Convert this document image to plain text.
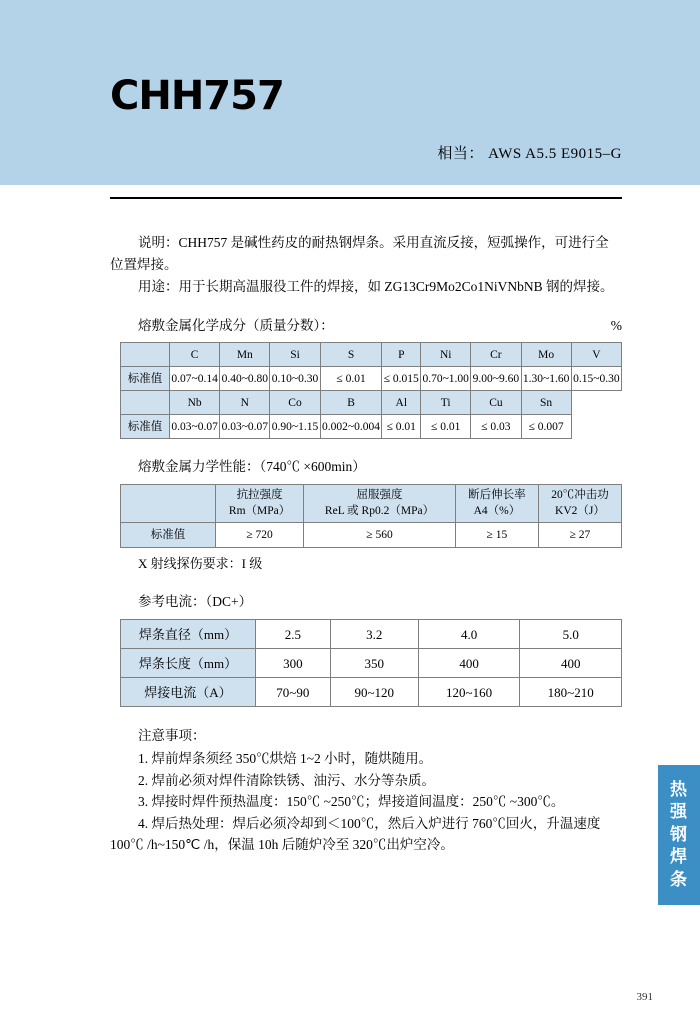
CHH757
相当： AWS A5.5 E9015–G

说明：CHH757 是碱性药皮的耐热钢焊条。采用直流反接，短弧操作，可进行全位置焊接。

用途：用于长期高温服役工件的焊接，如 ZG13Cr9Mo2Co1NiVNbNB 钢的焊接。

熔敷金属化学成分（质量分数）：	%
	C	Mn	Si	S	P	Ni	Cr	Mo	V
标准值	0.07~0.14	0.40~0.80	0.10~0.30	≤ 0.01	≤ 0.015	0.70~1.00	9.00~9.60	1.30~1.60	0.15~0.30
	Nb	N	Co	B	Al	Ti	Cu	Sn	
标准值	0.03~0.07	0.03~0.07	0.90~1.15	0.002~0.004	≤ 0.01	≤ 0.01	≤ 0.03	≤ 0.007	
熔敷金属力学性能：（740℃ ×600min）

抗拉强度
Rm（MPa）

屈服强度
ReL 或 Rp0.2（MPa）

断后伸长率
A4（%）

20℃冲击功
KV2（J）

标准值	≥ 720	≥ 560	≥ 15	≥ 27
X 射线探伤要求：I 级
参考电流：（DC+）
焊条直径（mm）	2.5	3.2	4.0	5.0
焊条长度（mm）	300	350	400	400
焊接电流（A）	70~90	90~120	120~160	180~210
注意事项：
1. 焊前焊条须经 350℃烘焙 1~2 小时，随烘随用。
2. 焊前必须对焊件清除铁锈、油污、水分等杂质。
3. 焊接时焊件预热温度：150℃ ~250℃；焊接道间温度：250℃ ~300℃。
4. 焊后热处理：焊后必须冷却到＜100℃，然后入炉进行 760℃回火，升温速度 100℃ /h~150℃ /h，保温 10h 后随炉冷至 320℃出炉空冷。
热强钢焊条
391
